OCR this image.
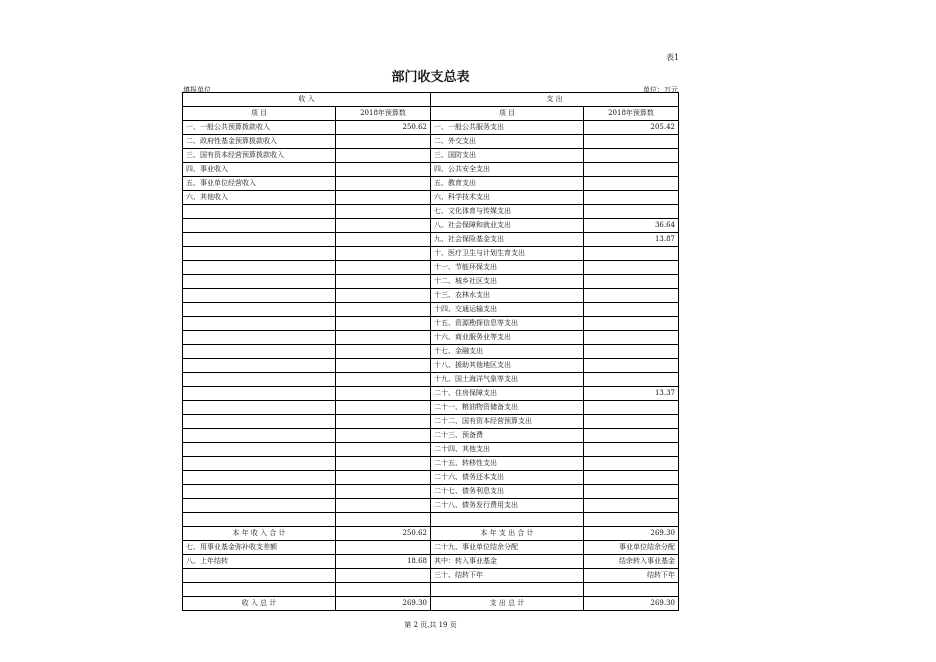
表1
部门收支总表
填报单位	单位：万元
收 入		支 出	
项 目	2018年预算数	项 目	2018年预算数
一、一般公共预算拨款收入	250.62	一、一般公共服务支出	205.42
二、政府性基金预算拨款收入		二、外交支出	
三、国有资本经营预算拨款收入		三、国防支出	
四、事业收入		四、公共安全支出	
五、事业单位经营收入		五、教育支出	
六、其他收入		六、科学技术支出	
		七、文化体育与传媒支出	
		八、社会保障和就业支出	36.64
		九、社会保险基金支出	13.87
		十、医疗卫生与计划生育支出	
		十一、节能环保支出	
		十二、城乡社区支出	
		十三、农林水支出	
		十四、交通运输支出	
		十五、资源勘探信息等支出	
		十六、商业服务业等支出	
		十七、金融支出	
		十八、援助其他地区支出	
		十九、国土海洋气象等支出	
		二十、住房保障支出	13.37
		二十一、粮油物资储备支出	
		二十二、国有资本经营预算支出	
		二十三、预备费	
		二十四、其他支出	
		二十五、转移性支出	
		二十六、债务还本支出	
		二十七、债务利息支出	
		二十八、债务发行费用支出	

本 年 收 入 合 计	250.62	本 年 支 出 合 计	269.30
七、用事业基金弥补收支差额		二十九、事业单位结余分配	事业单位结余分配
八、上年结转	18.68	其中：转入事业基金	结余转入事业基金
		三十、结转下年	结转下年

收 入 总 计	269.30	支 出 总 计	269.30
第 2 页,共 19 页
